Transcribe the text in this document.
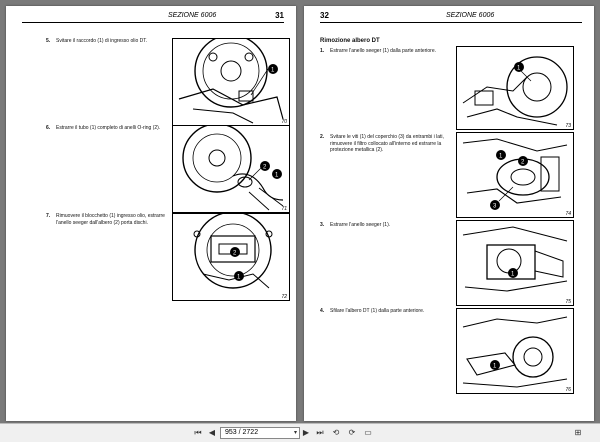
SEZIONE 6006	31
5. Svitare il raccordo (1) di ingresso olio DT.
1
70
6. Estrarre il tubo (1) completo di anelli O-ring (2).
2
1
71
7. Rimuovere il blocchetto (1) ingresso olio, estrarre l'anello seeger dall'albero (2) porta dischi.
2
1
72
32	SEZIONE 6006
Rimozione albero DT
1. Estrarre l'anello seeger (1) dalla parte anteriore.
1
73
2. Svitare le viti (1) del coperchio (3) da entrambi i lati, rimuovere il filtro collocato all'interno ed estrarre la protezione metallica (2).
1
2
3
74
3. Estrarre l'anello seeger (1).
1
75
4. Sfilare l'albero DT (1) dalla parte anteriore.
1
76
⏮ ◀	953 / 2722	▾ ▶ ⏭	⟲	⟳	▭	⊞
